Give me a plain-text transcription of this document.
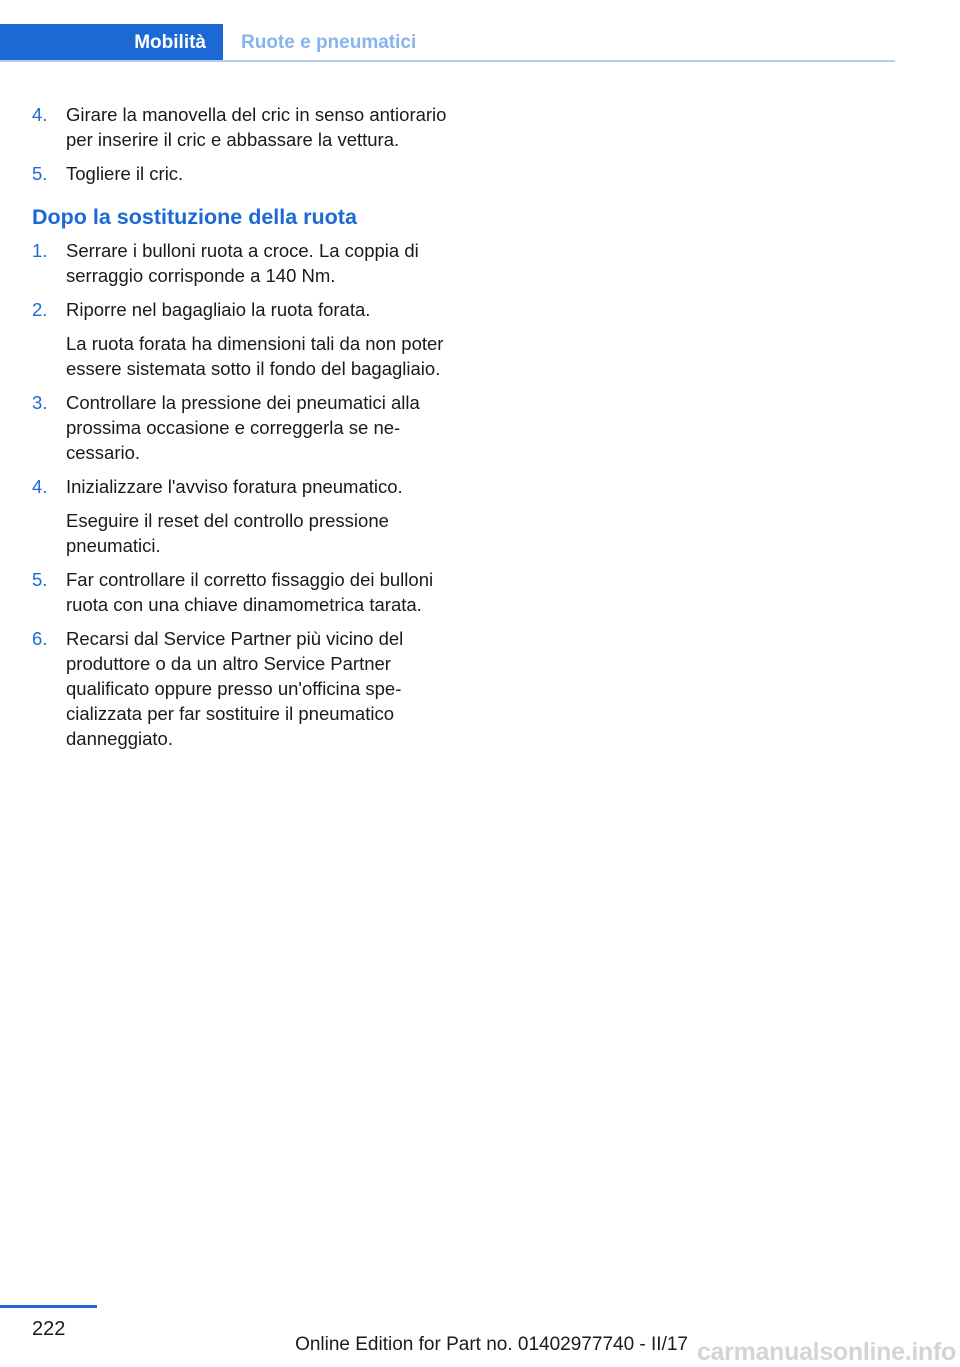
Mobilità	Ruote e pneumatici
4. Girare la manovella del cric in senso antiorario per inserire il cric e abbassare la vettura.

5. Togliere il cric.

Dopo la sostituzione della ruota
1. Serrare i bulloni ruota a croce. La coppia di serraggio corrisponde a 140 Nm.

2. Riporre nel bagagliaio la ruota forata.

La ruota forata ha dimensioni tali da non poter essere sistemata sotto il fondo del bagagliaio.

3. Controllare la pressione dei pneumatici alla prossima occasione e correggerla se necessario.

4. Inizializzare l'avviso foratura pneumatico.

Eseguire il reset del controllo pressione pneumatici.

5. Far controllare il corretto fissaggio dei bulloni ruota con una chiave dinamometrica tarata.

6. Recarsi dal Service Partner più vicino del produttore o da un altro Service Partner qualificato oppure presso un'officina specializzata per far sostituire il pneumatico danneggiato.

222
Online Edition for Part no. 01402977740 - II/17 carmanualsonline.info
